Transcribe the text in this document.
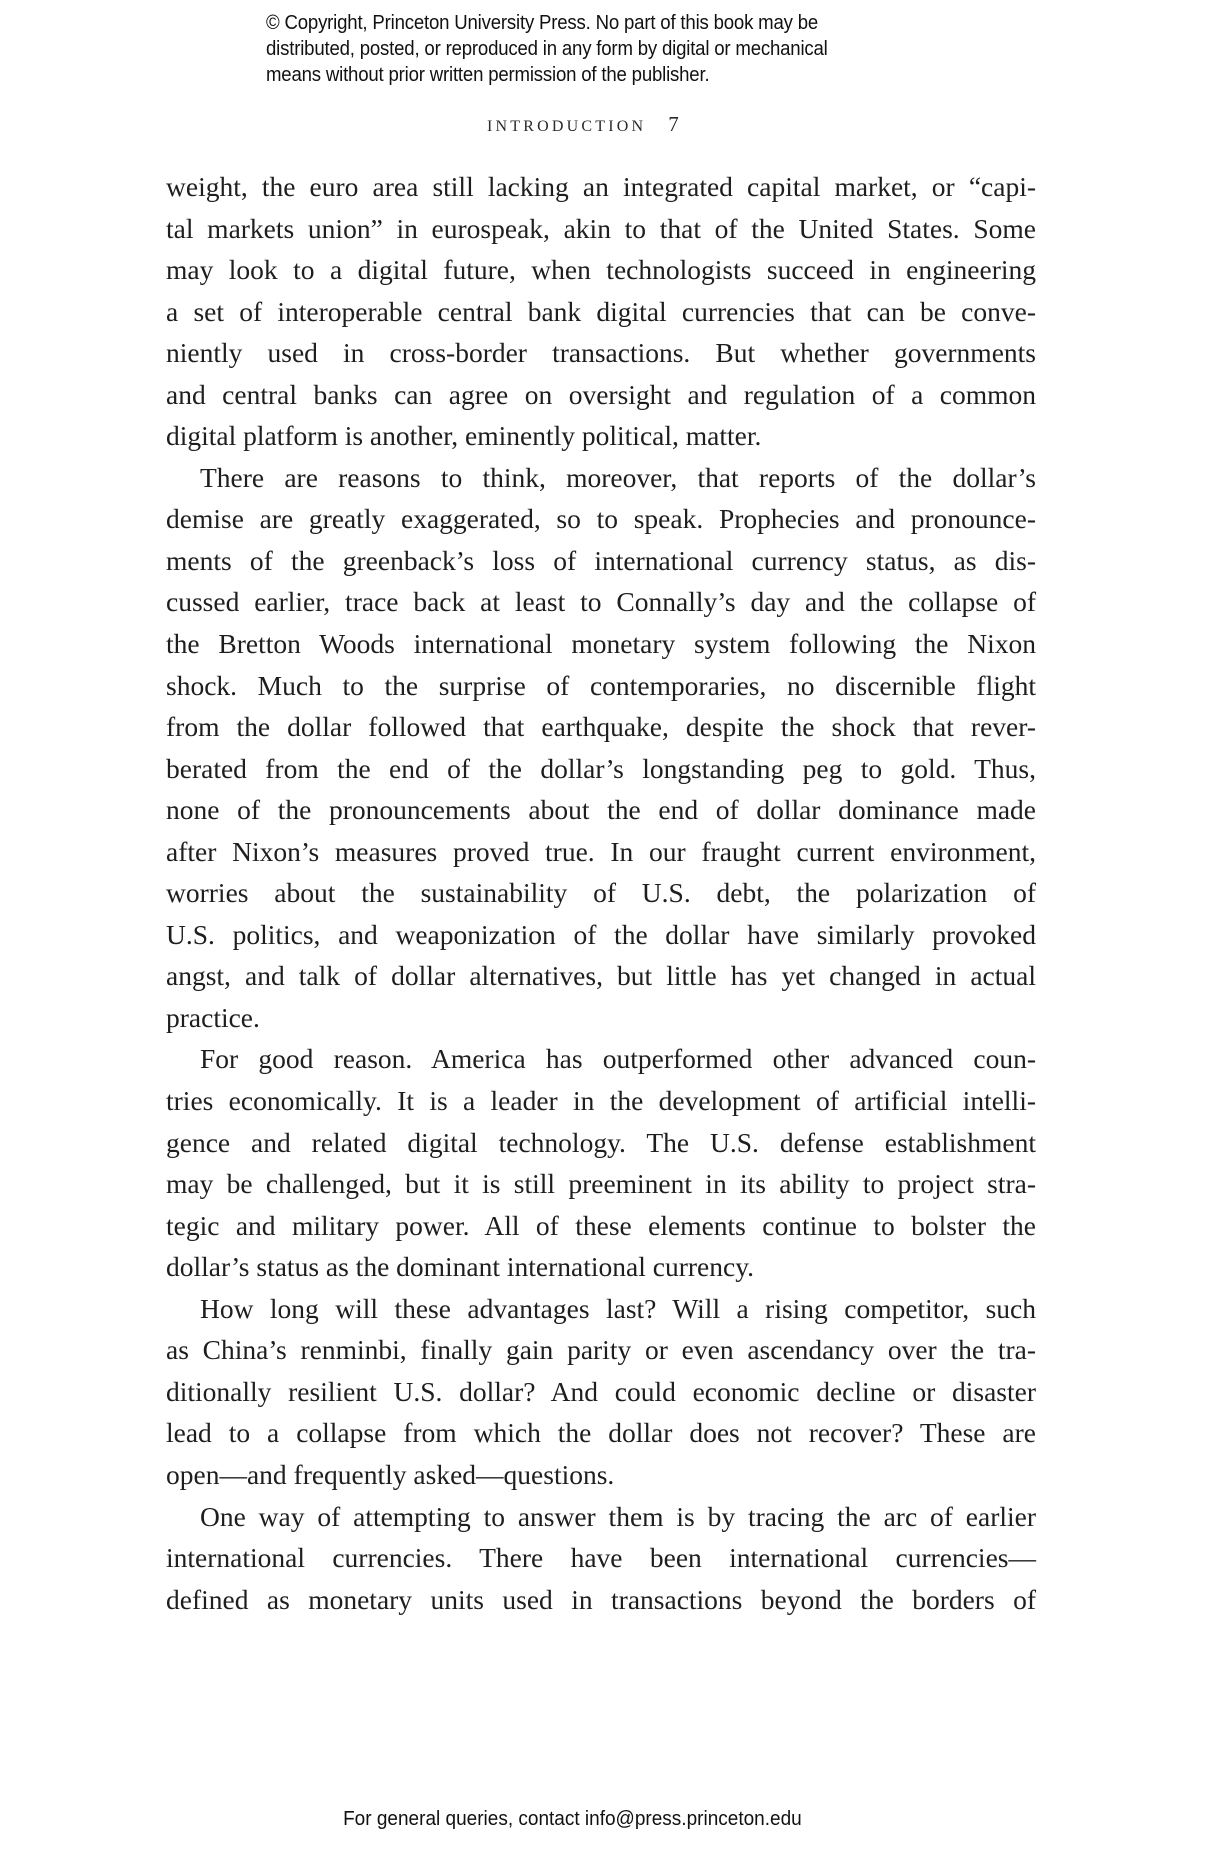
© Copyright, Princeton University Press. No part of this book may be
distributed, posted, or reproduced in any form by digital or mechanical
means without prior written permission of the publisher.
INTRODUCTION 7
weight, the euro area still lacking an integrated capital market, or “capi-
tal markets union” in eurospeak, akin to that of the United States. Some
may look to a digital future, when technologists succeed in engineering
a set of interoperable central bank digital currencies that can be conve-
niently used in cross-border transactions. But whether governments
and central banks can agree on oversight and regulation of a common
digital platform is another, eminently political, matter.
There are reasons to think, moreover, that reports of the dollar’s
demise are greatly exaggerated, so to speak. Prophecies and pronounce-
ments of the greenback’s loss of international currency status, as dis-
cussed earlier, trace back at least to Connally’s day and the collapse of
the Bretton Woods international monetary system following the Nixon
shock. Much to the surprise of contemporaries, no discernible flight
from the dollar followed that earthquake, despite the shock that rever-
berated from the end of the dollar’s longstanding peg to gold. Thus,
none of the pronouncements about the end of dollar dominance made
after Nixon’s measures proved true. In our fraught current environment,
worries about the sustainability of U.S. debt, the polarization of
U.S. politics, and weaponization of the dollar have similarly provoked
angst, and talk of dollar alternatives, but little has yet changed in actual
practice.
For good reason. America has outperformed other advanced coun-
tries economically. It is a leader in the development of artificial intelli-
gence and related digital technology. The U.S. defense establishment
may be challenged, but it is still preeminent in its ability to project stra-
tegic and military power. All of these elements continue to bolster the
dollar’s status as the dominant international currency.
How long will these advantages last? Will a rising competitor, such
as China’s renminbi, finally gain parity or even ascendancy over the tra-
ditionally resilient U.S. dollar? And could economic decline or disaster
lead to a collapse from which the dollar does not recover? These are
open—and frequently asked—questions.
One way of attempting to answer them is by tracing the arc of earlier
international currencies. There have been international currencies—
defined as monetary units used in transactions beyond the borders of
For general queries, contact info@press.princeton.edu
